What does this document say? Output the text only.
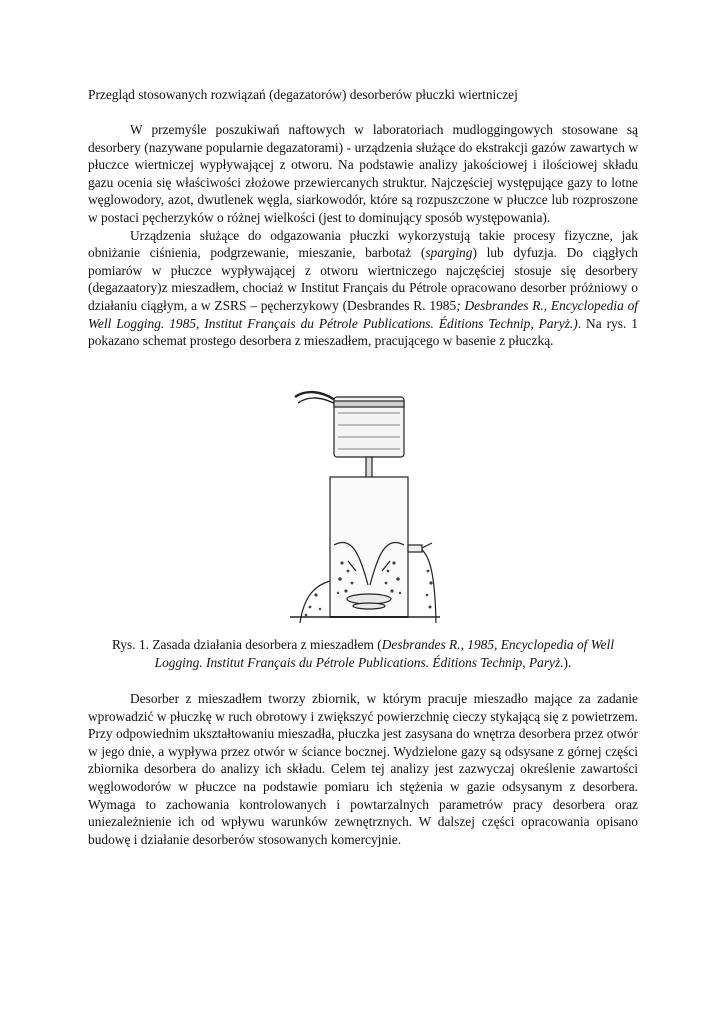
Przegląd stosowanych rozwiązań (degazatorów) desorberów płuczki wiertniczej

W przemyśle poszukiwań naftowych w laboratoriach mudloggingowych stosowane są desorbery (nazywane popularnie degazatorami) - urządzenia służące do ekstrakcji gazów zawartych w płuczce wiertniczej wypływającej z otworu. Na podstawie analizy jakościowej i ilościowej składu gazu ocenia się właściwości złożowe przewiercanych struktur. Najczęściej występujące gazy to lotne węglowodory, azot, dwutlenek węgla, siarkowodór, które są rozpuszczone w płuczce lub rozproszone w postaci pęcherzyków o różnej wielkości (jest to dominujący sposób występowania).

Urządzenia służące do odgazowania płuczki wykorzystują takie procesy fizyczne, jak obniżanie ciśnienia, podgrzewanie, mieszanie, barbotaż (sparging) lub dyfuzja. Do ciągłych pomiarów w płuczce wypływającej z otworu wiertniczego najczęściej stosuje się desorbery (degazaatory)z mieszadłem, chociaż w Institut Français du Pétrole opracowano desorber próżniowy o działaniu ciągłym, a w ZSRS – pęcherzykowy (Desbrandes R. 1985; Desbrandes R., Encyclopedia of Well Logging. 1985, Institut Français du Pétrole Publications. Éditions Technip, Paryż.). Na rys. 1 pokazano schemat prostego desorbera z mieszadłem, pracującego w basenie z płuczką.

Rys. 1. Zasada działania desorbera z mieszadłem (Desbrandes R., 1985, Encyclopedia of Well Logging. Institut Français du Pétrole Publications. Éditions Technip, Paryż.).

Desorber z mieszadłem tworzy zbiornik, w którym pracuje mieszadło mające za zadanie wprowadzić w płuczkę w ruch obrotowy i zwiększyć powierzchnię cieczy stykającą się z powietrzem. Przy odpowiednim ukształtowaniu mieszadła, płuczka jest zasysana do wnętrza desorbera przez otwór w jego dnie, a wypływa przez otwór w ściance bocznej. Wydzielone gazy są odsysane z górnej części zbiornika desorbera do analizy ich składu. Celem tej analizy jest zazwyczaj określenie zawartości węglowodorów w płuczce na podstawie pomiaru ich stężenia w gazie odsysanym z desorbera. Wymaga to zachowania kontrolowanych i powtarzalnych parametrów pracy desorbera oraz uniezależnienie ich od wpływu warunków zewnętrznych. W dalszej części opracowania opisano budowę i działanie desorberów stosowanych komercyjnie.
